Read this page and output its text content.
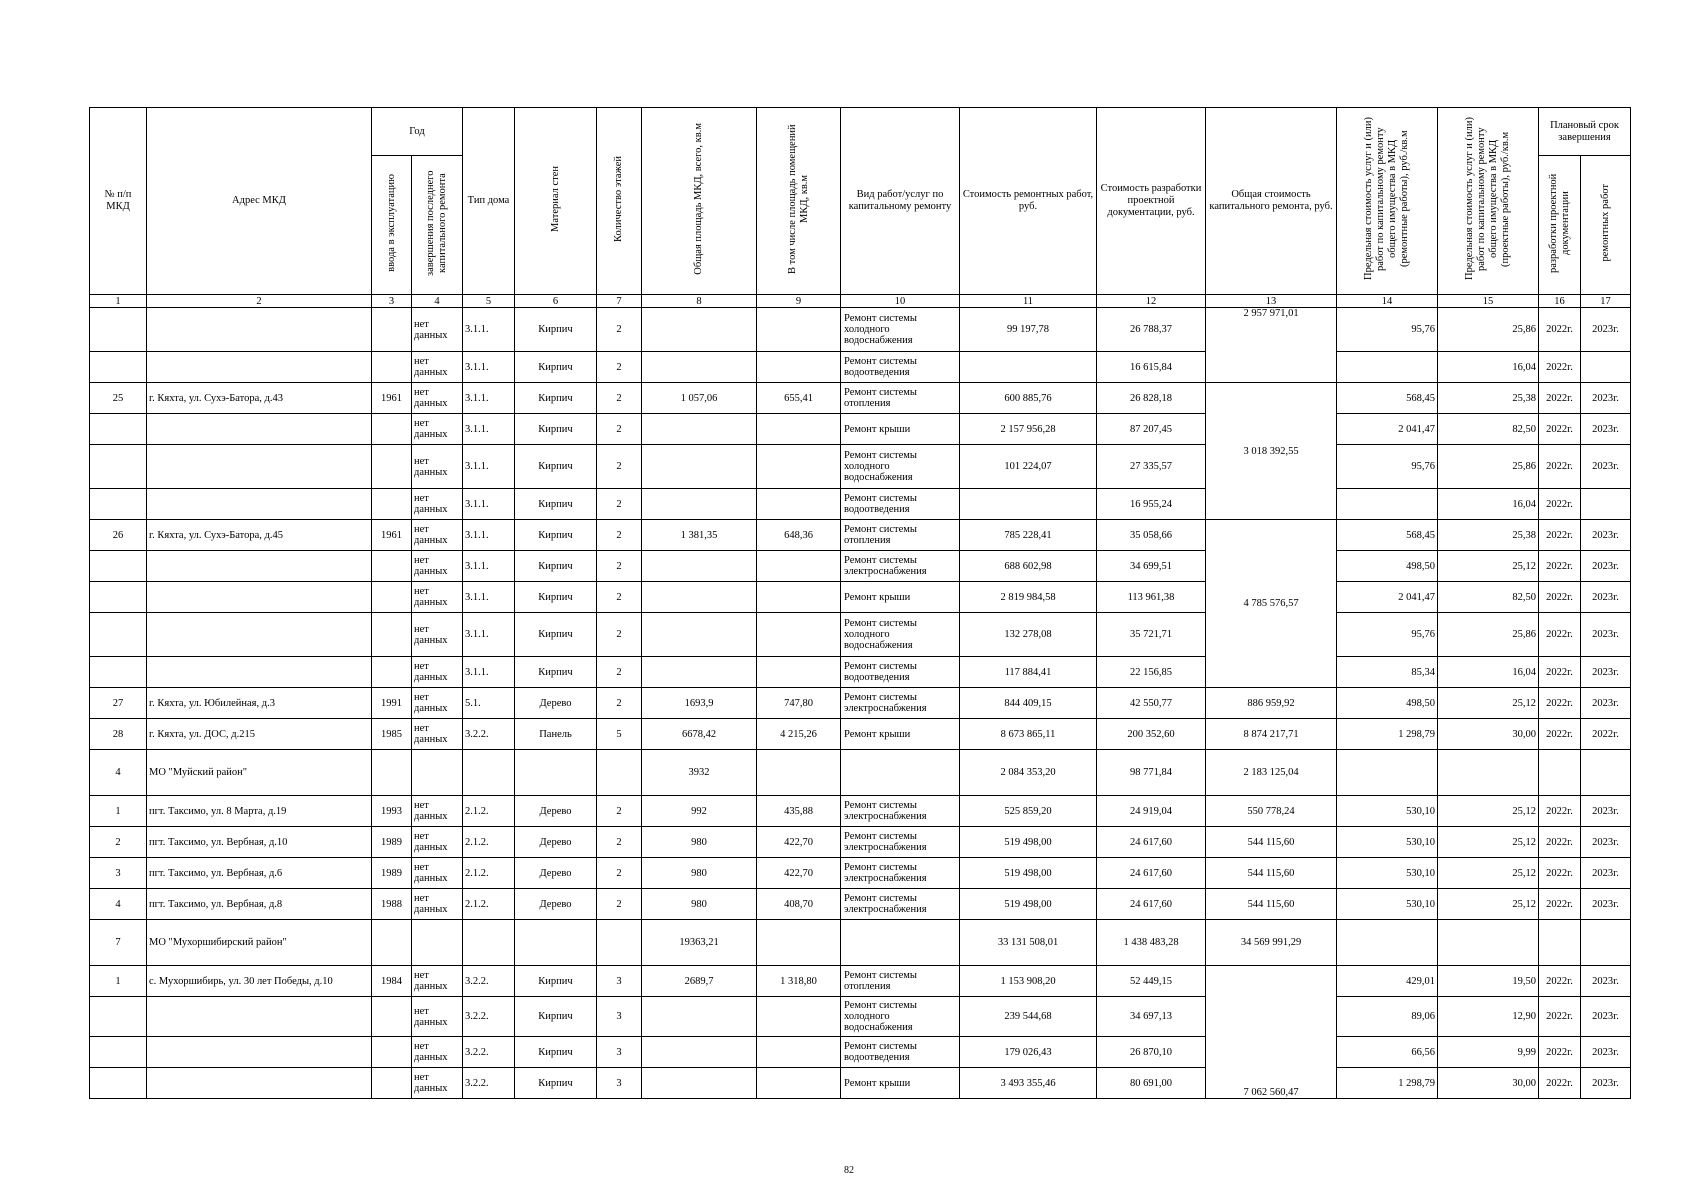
№ п/п МКД	Адрес МКД	Год		Тип дома	Материал стен	Количество этажей	Общая площадь МКД, всего, кв.м	В том числе площадь помещений МКД, кв.м	Вид работ/услуг по капитальному ремонту	Стоимость ремонтных работ, руб.	Стоимость разработки проектной документации, руб.	Общая стоимость капитального ремонта, руб.	Предельная стоимость услуг и (или) работ по капитальному ремонту общего имущества в МКД (ремонтные работы), руб./кв.м	Предельная стоимость услуг и (или) работ по капитальному ремонту общего имущества в МКД (проектные работы), руб./кв.м	Плановый срок завершения	
		ввода в эксплуатацию	завершения последнего капитального ремонта												разработки проектной документации	ремонтных работ
1	2	3	4	5	6	7	8	9	10	11	12	13	14	15	16	17
			нет данных	3.1.1.	Кирпич	2			Ремонт системы холодного водоснабжения	99 197,78	26 788,37	2 957 971,01	95,76	25,86	2022г.	2023г.
			нет данных	3.1.1.	Кирпич	2			Ремонт системы водоотведения		16 615,84			16,04	2022г.	
25	г. Кяхта, ул. Сухэ-Батора, д.43	1961	нет данных	3.1.1.	Кирпич	2	1 057,06	655,41	Ремонт системы отопления	600 885,76	26 828,18	3 018 392,55	568,45	25,38	2022г.	2023г.
			нет данных	3.1.1.	Кирпич	2			Ремонт крыши	2 157 956,28	87 207,45		2 041,47	82,50	2022г.	2023г.
			нет данных	3.1.1.	Кирпич	2			Ремонт системы холодного водоснабжения	101 224,07	27 335,57		95,76	25,86	2022г.	2023г.
			нет данных	3.1.1.	Кирпич	2			Ремонт системы водоотведения		16 955,24			16,04	2022г.	
26	г. Кяхта, ул. Сухэ-Батора, д.45	1961	нет данных	3.1.1.	Кирпич	2	1 381,35	648,36	Ремонт системы отопления	785 228,41	35 058,66	4 785 576,57	568,45	25,38	2022г.	2023г.
			нет данных	3.1.1.	Кирпич	2			Ремонт системы электроснабжения	688 602,98	34 699,51		498,50	25,12	2022г.	2023г.
			нет данных	3.1.1.	Кирпич	2			Ремонт крыши	2 819 984,58	113 961,38		2 041,47	82,50	2022г.	2023г.
			нет данных	3.1.1.	Кирпич	2			Ремонт системы холодного водоснабжения	132 278,08	35 721,71		95,76	25,86	2022г.	2023г.
			нет данных	3.1.1.	Кирпич	2			Ремонт системы водоотведения	117 884,41	22 156,85		85,34	16,04	2022г.	2023г.
27	г. Кяхта, ул. Юбилейная, д.3	1991	нет данных	5.1.	Дерево	2	1693,9	747,80	Ремонт системы электроснабжения	844 409,15	42 550,77	886 959,92	498,50	25,12	2022г.	2023г.
28	г. Кяхта, ул. ДОС, д.215	1985	нет данных	3.2.2.	Панель	5	6678,42	4 215,26	Ремонт крыши	8 673 865,11	200 352,60	8 874 217,71	1 298,79	30,00	2022г.	2022г.
4	МО "Муйский район"						3932			2 084 353,20	98 771,84	2 183 125,04				
1	пгт. Таксимо, ул. 8 Марта, д.19	1993	нет данных	2.1.2.	Дерево	2	992	435,88	Ремонт системы электроснабжения	525 859,20	24 919,04	550 778,24	530,10	25,12	2022г.	2023г.
2	пгт. Таксимо, ул. Вербная, д.10	1989	нет данных	2.1.2.	Дерево	2	980	422,70	Ремонт системы электроснабжения	519 498,00	24 617,60	544 115,60	530,10	25,12	2022г.	2023г.
3	пгт. Таксимо, ул. Вербная, д.6	1989	нет данных	2.1.2.	Дерево	2	980	422,70	Ремонт системы электроснабжения	519 498,00	24 617,60	544 115,60	530,10	25,12	2022г.	2023г.
4	пгт. Таксимо, ул. Вербная, д.8	1988	нет данных	2.1.2.	Дерево	2	980	408,70	Ремонт системы электроснабжения	519 498,00	24 617,60	544 115,60	530,10	25,12	2022г.	2023г.
7	МО "Мухоршибирский район"						19363,21			33 131 508,01	1 438 483,28	34 569 991,29				
1	с. Мухоршибирь, ул. 30 лет Победы, д.10	1984	нет данных	3.2.2.	Кирпич	3	2689,7	1 318,80	Ремонт системы отопления	1 153 908,20	52 449,15	7 062 560,47	429,01	19,50	2022г.	2023г.
			нет данных	3.2.2.	Кирпич	3			Ремонт системы холодного водоснабжения	239 544,68	34 697,13		89,06	12,90	2022г.	2023г.
			нет данных	3.2.2.	Кирпич	3			Ремонт системы водоотведения	179 026,43	26 870,10		66,56	9,99	2022г.	2023г.
			нет данных	3.2.2.	Кирпич	3			Ремонт крыши	3 493 355,46	80 691,00		1 298,79	30,00	2022г.	2023г.
82
